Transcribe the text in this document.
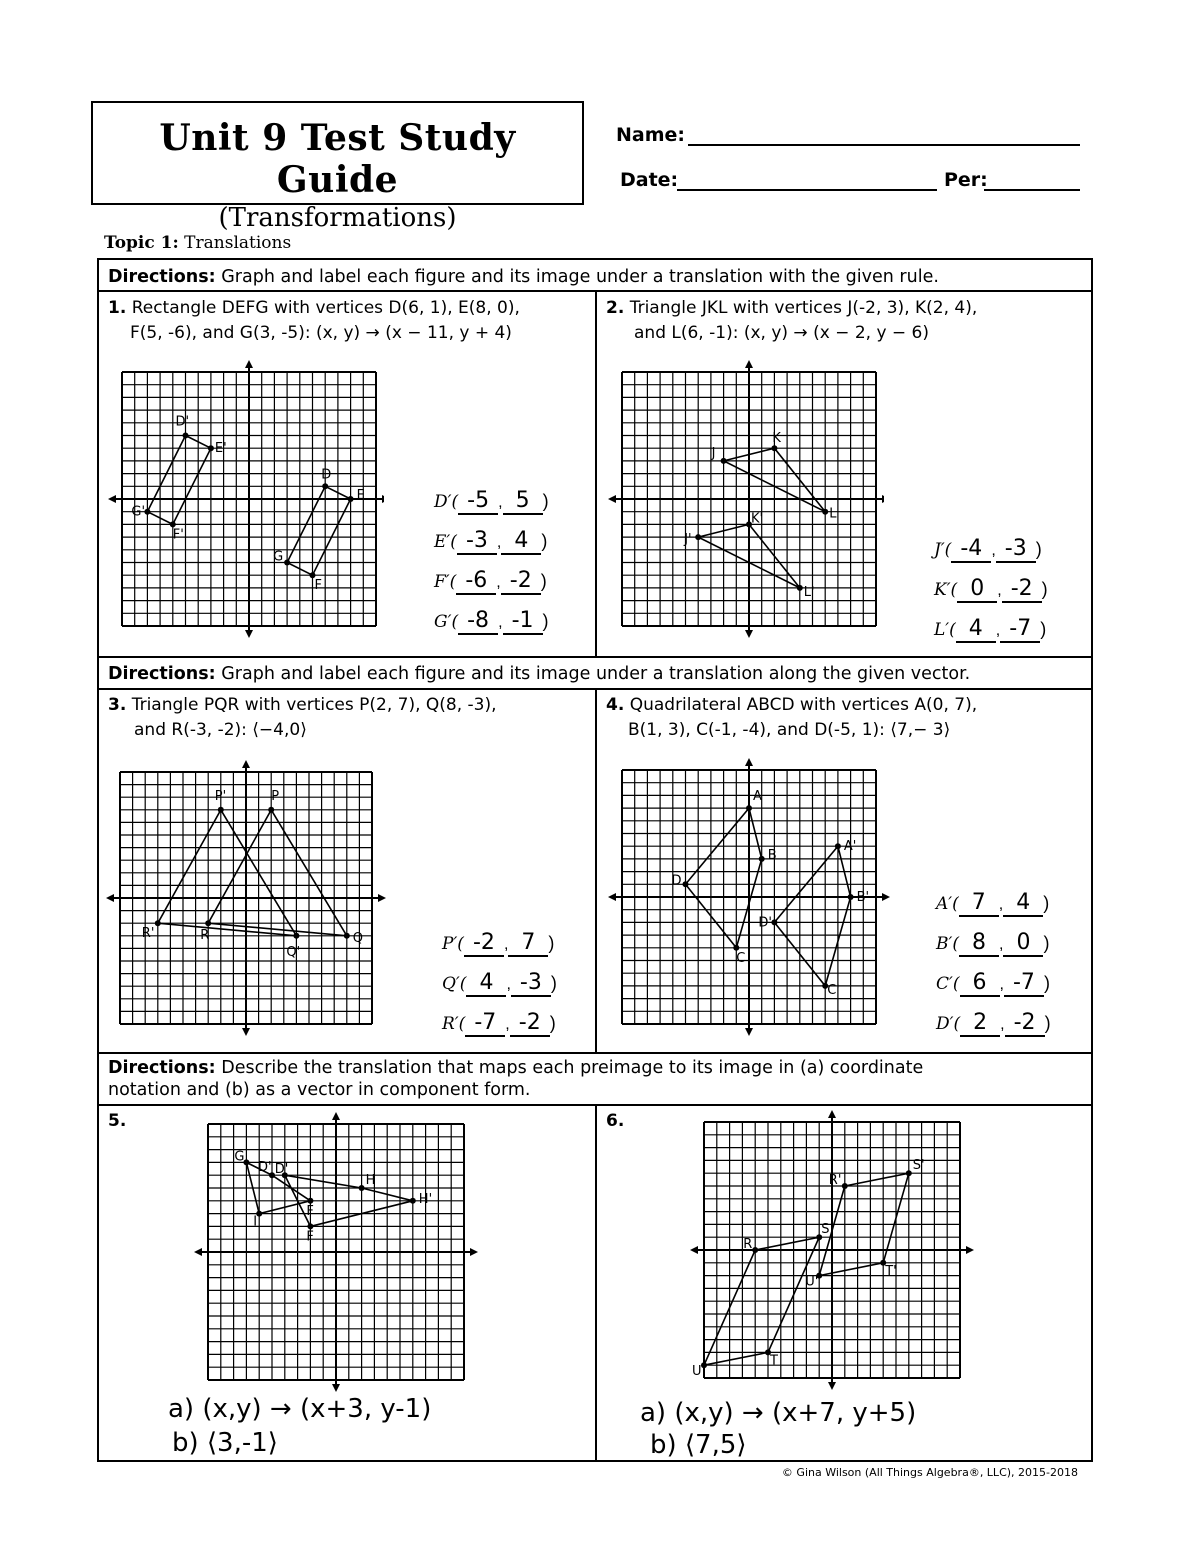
Unit 9 Test Study Guide
(Transformations)
Name:
Date:	Per:
Topic 1: Translations
Directions: Graph and label each figure and its image under a translation with the given rule.
Directions: Graph and label each figure and its image under a translation along the given vector.
Directions: Describe the translation that maps each preimage to its image in (a) coordinate
notation and (b) as a vector in component form.
1. Rectangle DEFG with vertices D(6, 1), E(8, 0),
F(5, -6), and G(3, -5): (x, y) → (x − 11, y + 4)
2. Triangle JKL with vertices J(-2, 3), K(2, 4),
and L(6, -1): (x, y) → (x − 2, y − 6)
3. Triangle PQR with vertices P(2, 7), Q(8, -3),
and R(-3, -2): ⟨−4,0⟩
4. Quadrilateral ABCD with vertices A(0, 7),
B(1, 3), C(-1, -4), and D(-5, 1): ⟨7,− 3⟩
5.	6.
D
E
F
G
D'
E'
F'
G'
J
K
L
J'
K'
L'
P
Q
R
P'
Q'
R'
A
B
C
D
A'
B'
C'
D'
G
D'
F
I
D'
H
H'
F
R
S
T
U
R'
S'
T'
U'
D′( -5 , 5 )
E′( -3 , 4 )
F′( -6 , -2 )
G′( -8 , -1 )
J′( -4 , -3 )
K′( 0 , -2 )
L′( 4 , -7 )
P′( -2 , 7 )
Q′( 4 , -3 )
R′( -7 , -2 )
A′( 7 , 4 )
B′( 8 , 0 )
C′( 6 , -7 )
D′( 2 , -2 )
a) (x,y) → (x+3, y-1)
b) ⟨3,-1⟩
a) (x,y) → (x+7, y+5)
b) ⟨7,5⟩
© Gina Wilson (All Things Algebra®, LLC), 2015-2018
